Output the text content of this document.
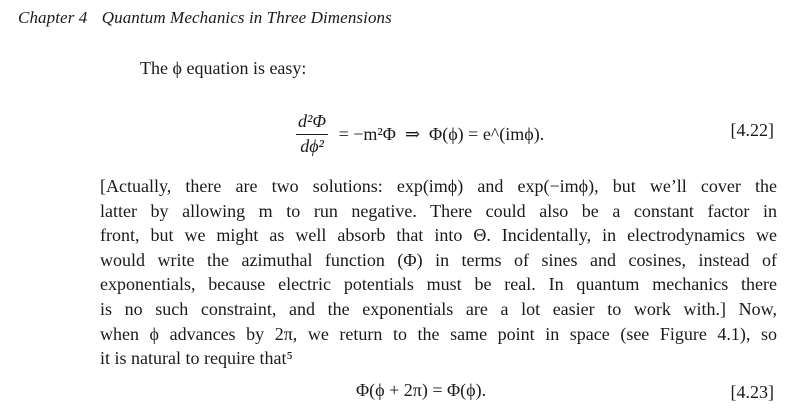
Chapter 4 Quantum Mechanics in Three Dimensions
The ϕ equation is easy:
$\frac{\text{d²Φ}}{\text{dϕ²}} = -m^2\Phi$  ⇒  Φ(ϕ) = e^(imϕ).	[4.22]
[Actually, there are two solutions: exp(imϕ) and exp(−imϕ), but we’ll cover the
latter by allowing m to run negative. There could also be a constant factor in
front, but we might as well absorb that into Θ. Incidentally, in electrodynamics we
would write the azimuthal function (Φ) in terms of sines and cosines, instead of
exponentials, because electric potentials must be real. In quantum mechanics there
is no such constraint, and the exponentials are a lot easier to work with.] Now,
when ϕ advances by 2π, we return to the same point in space (see Figure 4.1), so
it is natural to require that⁵
Φ(ϕ + 2π) = Φ(ϕ).	[4.23]
